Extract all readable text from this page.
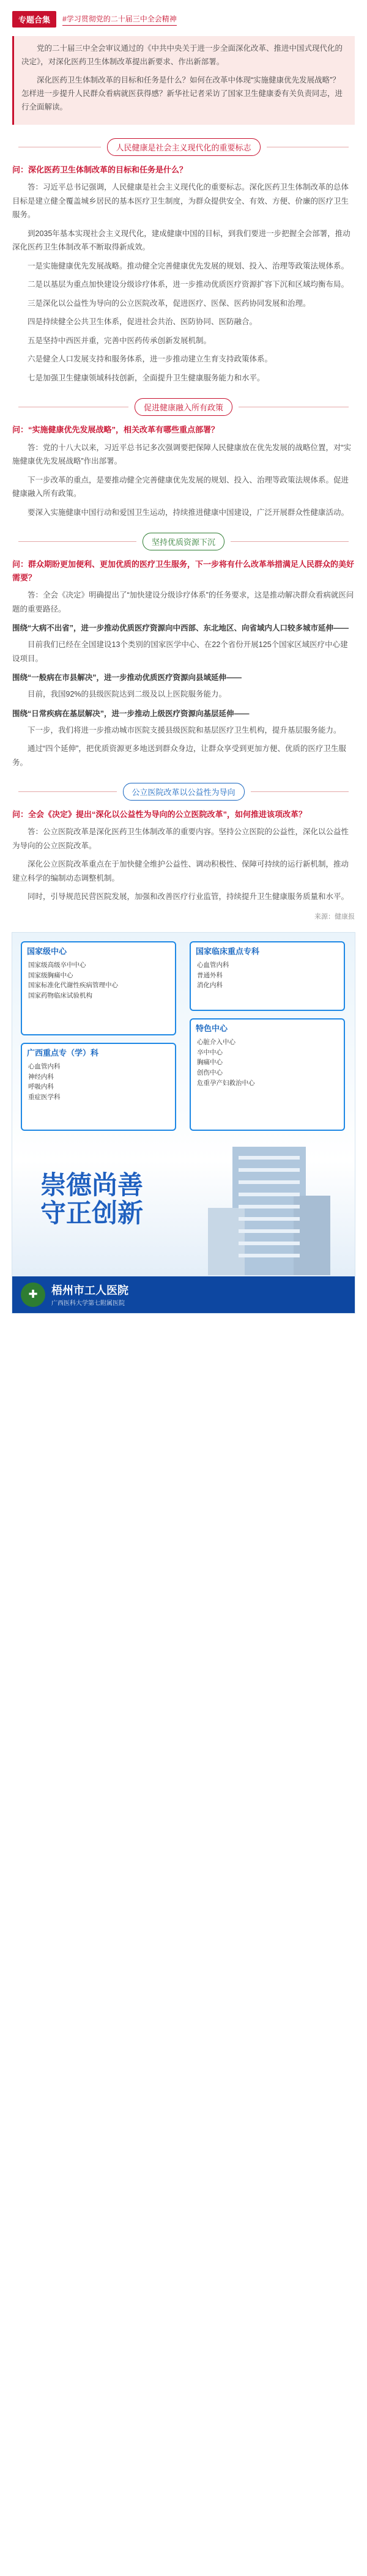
专题合集	#学习贯彻党的二十届三中全会精神

党的二十届三中全会审议通过的《中共中央关于进一步全面深化改革、推进中国式现代化的决定》，对深化医药卫生体制改革提出新要求、作出新部署。

深化医药卫生体制改革的目标和任务是什么？如何在改革中体现“实施健康优先发展战略”？怎样进一步提升人民群众看病就医获得感？新华社记者采访了国家卫生健康委有关负责同志，进行全面解读。

人民健康是社会主义现代化的重要标志
问：深化医药卫生体制改革的目标和任务是什么？

答：习近平总书记强调，人民健康是社会主义现代化的重要标志。深化医药卫生体制改革的总体目标是建立健全覆盖城乡居民的基本医疗卫生制度，为群众提供安全、有效、方便、价廉的医疗卫生服务。

到2035年基本实现社会主义现代化，建成健康中国的目标，到我们要进一步把握全会部署，推动深化医药卫生体制改革不断取得新成效。

一是实施健康优先发展战略。推动健全完善健康优先发展的规划、投入、治理等政策法规体系。

二是以基层为重点加快建设分级诊疗体系，进一步推动优质医疗资源扩容下沉和区域均衡布局。

三是深化以公益性为导向的公立医院改革，促进医疗、医保、医药协同发展和治理。

四是持续健全公共卫生体系，促进社会共治、医防协同、医防融合。

五是坚持中西医并重，完善中医药传承创新发展机制。

六是健全人口发展支持和服务体系，进一步推动建立生育支持政策体系。

七是加强卫生健康领域科技创新，全面提升卫生健康服务能力和水平。

促进健康融入所有政策
问：“实施健康优先发展战略”，相关改革有哪些重点部署？

答：党的十八大以来，习近平总书记多次强调要把保障人民健康放在优先发展的战略位置，对“实施健康优先发展战略”作出部署。

下一步改革的重点，是要推动健全完善健康优先发展的规划、投入、治理等政策法规体系。促进健康融入所有政策。

要深入实施健康中国行动和爱国卫生运动，持续推进健康中国建设，广泛开展群众性健康活动。

坚持优质资源下沉
问：群众期盼更加便利、更加优质的医疗卫生服务，下一步将有什么改革举措满足人民群众的美好需要？

答：全会《决定》明确提出了“加快建设分级诊疗体系”的任务要求，这是推动解决群众看病就医问题的重要路径。

围绕“大病不出省”，进一步推动优质医疗资源向中西部、东北地区、向省域内人口较多城市延伸——

目前我们已经在全国建设13个类别的国家医学中心、在22个省份开展125个国家区域医疗中心建设项目。

围绕“一般病在市县解决”，进一步推动优质医疗资源向县域延伸——

目前，我国92%的县级医院达到二级及以上医院服务能力。

围绕“日常疾病在基层解决”，进一步推动上级医疗资源向基层延伸——

下一步，我们将进一步推动城市医院支援县级医院和基层医疗卫生机构，提升基层服务能力。

通过“四个延伸”，把优质资源更多地送到群众身边，让群众享受到更加方便、优质的医疗卫生服务。

公立医院改革以公益性为导向
问：全会《决定》提出“深化以公益性为导向的公立医院改革”，如何推进该项改革？

答：公立医院改革是深化医药卫生体制改革的重要内容。坚持公立医院的公益性，深化以公益性为导向的公立医院改革。

深化公立医院改革重点在于加快健全维护公益性、调动积极性、保障可持续的运行新机制，推动建立科学的编制动态调整机制。

同时，引导规范民营医院发展，加强和改善医疗行业监管，持续提升卫生健康服务质量和水平。

来源：健康报
国家级中心
国家级高级卒中中心
国家级胸痛中心
国家标准化代谢性疾病管理中心
国家药物临床试验机构
国家临床重点专科
心血管内科
普通外科
消化内科
广西重点专（学）科
心血管内科
神经内科
呼吸内科
重症医学科
特色中心
心脏介入中心
卒中中心
胸痛中心
创伤中心
危重孕产妇救治中心
崇德尚善
守正创新
✚ 梧州市工人医院
广西医科大学第七附属医院
